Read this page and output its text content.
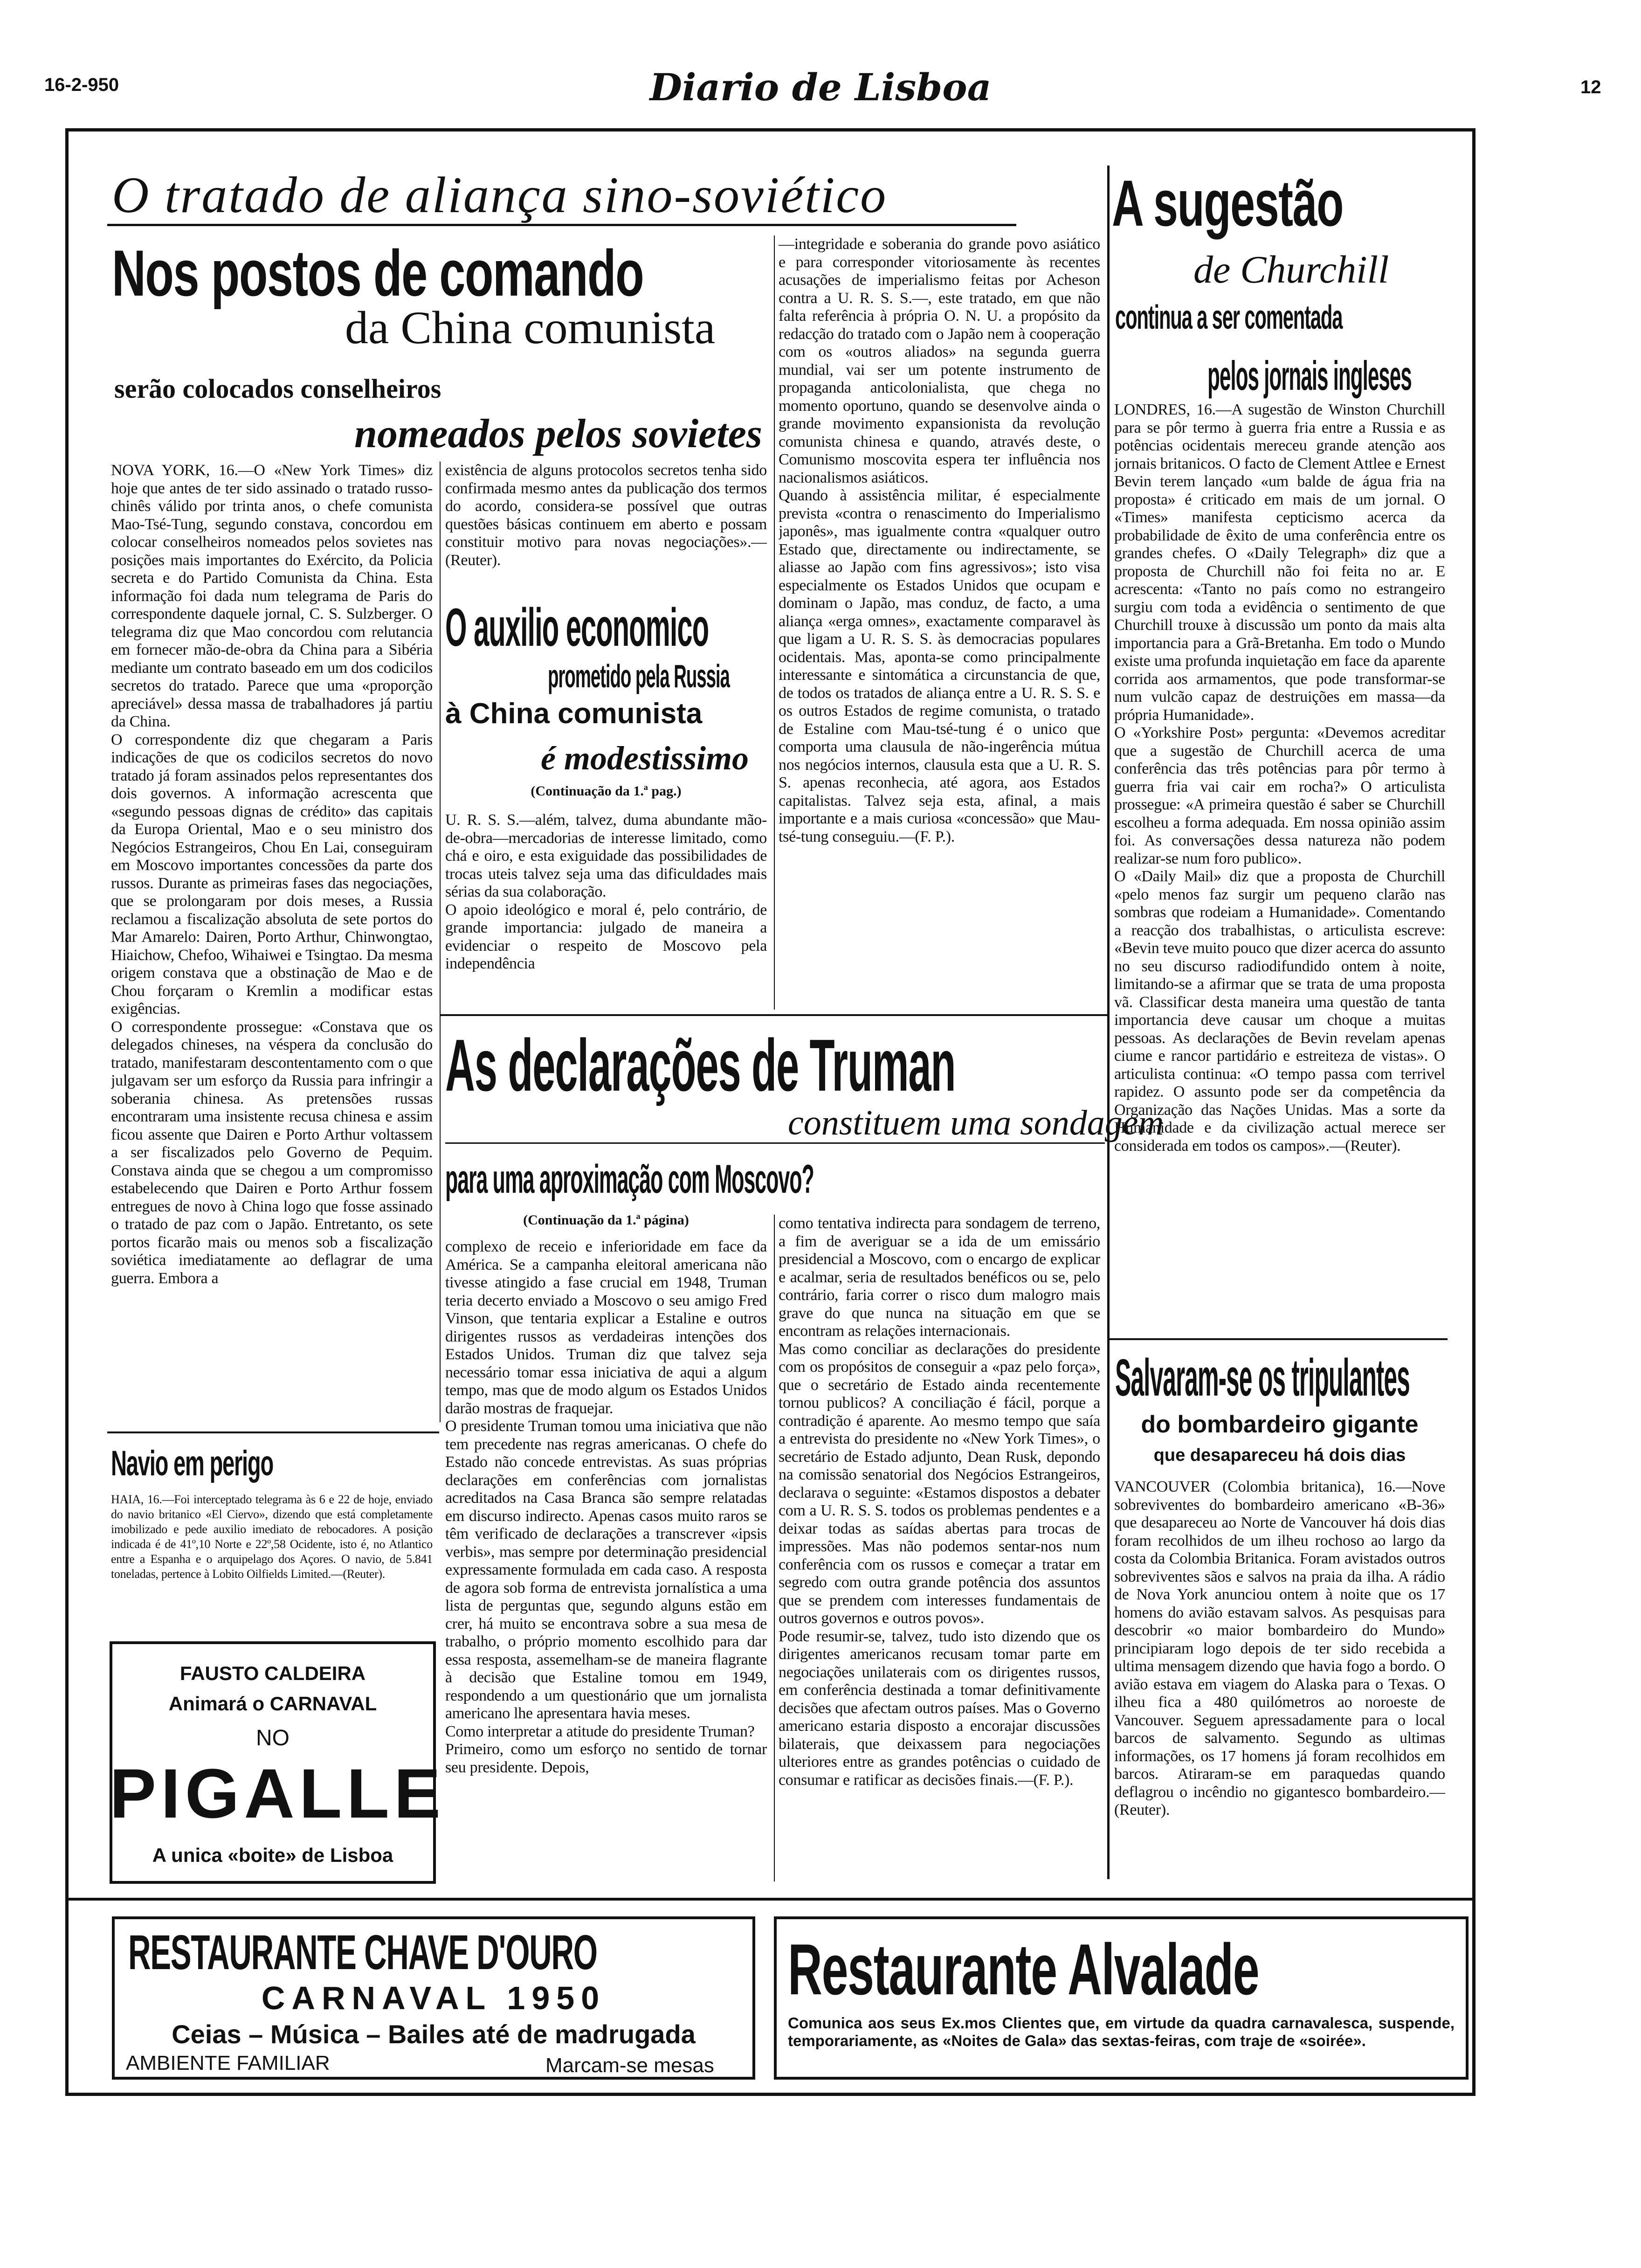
16-2-950	Diario de Lisboa	12
O tratado de aliança sino-soviético
Nos postos de comando
da China comunista
serão colocados conselheiros
nomeados pelos sovietes
NOVA YORK, 16.—O «New York Times» diz hoje que antes de ter sido assinado o tratado russo-chinês válido por trinta anos, o chefe comunista Mao-Tsé-Tung, segundo constava, concordou em colocar conselheiros nomeados pelos sovietes nas posições mais importantes do Exército, da Policia secreta e do Partido Comunista da China. Esta informação foi dada num telegrama de Paris do correspondente daquele jornal, C. S. Sulzberger. O telegrama diz que Mao concordou com relutancia em fornecer mão-de-obra da China para a Sibéria mediante um contrato baseado em um dos codicilos secretos do tratado. Parece que uma «proporção apreciável» dessa massa de trabalhadores já partiu da China.
O correspondente diz que chegaram a Paris indicações de que os codicilos secretos do novo tratado já foram assinados pelos representantes dos dois governos. A informação acrescenta que «segundo pessoas dignas de crédito» das capitais da Europa Oriental, Mao e o seu ministro dos Negócios Estrangeiros, Chou En Lai, conseguiram em Moscovo importantes concessões da parte dos russos. Durante as primeiras fases das negociações, que se prolongaram por dois meses, a Russia reclamou a fiscalização absoluta de sete portos do Mar Amarelo: Dairen, Porto Arthur, Chinwongtao, Hiaichow, Chefoo, Wihaiwei e Tsingtao. Da mesma origem constava que a obstinação de Mao e de Chou forçaram o Kremlin a modificar estas exigências.
O correspondente prossegue: «Constava que os delegados chineses, na véspera da conclusão do tratado, manifestaram descontentamento com o que julgavam ser um esforço da Russia para infringir a soberania chinesa. As pretensões russas encontraram uma insistente recusa chinesa e assim ficou assente que Dairen e Porto Arthur voltassem a ser fiscalizados pelo Governo de Pequim. Constava ainda que se chegou a um compromisso estabelecendo que Dairen e Porto Arthur fossem entregues de novo à China logo que fosse assinado o tratado de paz com o Japão. Entretanto, os sete portos ficarão mais ou menos sob a fiscalização soviética imediatamente ao deflagrar de uma guerra. Embora a
existência de alguns protocolos secretos tenha sido confirmada mesmo antes da publicação dos termos do acordo, considera-se possível que outras questões básicas continuem em aberto e possam constituir motivo para novas negociações».—(Reuter).
—integridade e soberania do grande povo asiático e para corresponder vitoriosamente às recentes acusações de imperialismo feitas por Acheson contra a U. R. S. S.—, este tratado, em que não falta referência à própria O. N. U. a propósito da redacção do tratado com o Japão nem à cooperação com os «outros aliados» na segunda guerra mundial, vai ser um potente instrumento de propaganda anticolonialista, que chega no momento oportuno, quando se desenvolve ainda o grande movimento expansionista da revolução comunista chinesa e quando, através deste, o Comunismo moscovita espera ter influência nos nacionalismos asiáticos.
Quando à assistência militar, é especialmente prevista «contra o renascimento do Imperialismo japonês», mas igualmente contra «qualquer outro Estado que, directamente ou indirectamente, se aliasse ao Japão com fins agressivos»; isto visa especialmente os Estados Unidos que ocupam e dominam o Japão, mas conduz, de facto, a uma aliança «erga omnes», exactamente comparavel às que ligam a U. R. S. S. às democracias populares ocidentais. Mas, aponta-se como principalmente interessante e sintomática a circunstancia de que, de todos os tratados de aliança entre a U. R. S. S. e os outros Estados de regime comunista, o tratado de Estaline com Mau-tsé-tung é o unico que comporta uma clausula de não-ingerência mútua nos negócios internos, clausula esta que a U. R. S. S. apenas reconhecia, até agora, aos Estados capitalistas. Talvez seja esta, afinal, a mais importante e a mais curiosa «concessão» que Mau-tsé-tung conseguiu.—(F. P.).
O auxilio economico
prometido pela Russia
à China comunista
é modestissimo
(Continuação da 1.ª pag.)
U. R. S. S.—além, talvez, duma abundante mão-de-obra—mercadorias de interesse limitado, como chá e oiro, e esta exiguidade das possibilidades de trocas uteis talvez seja uma das dificuldades mais sérias da sua colaboração.
O apoio ideológico e moral é, pelo contrário, de grande importancia: julgado de maneira a evidenciar o respeito de Moscovo pela independência
A sugestão
de Churchill
continua a ser comentada
pelos jornais ingleses
LONDRES, 16.—A sugestão de Winston Churchill para se pôr termo à guerra fria entre a Russia e as potências ocidentais mereceu grande atenção aos jornais britanicos. O facto de Clement Attlee e Ernest Bevin terem lançado «um balde de água fria na proposta» é criticado em mais de um jornal. O «Times» manifesta cepticismo acerca da probabilidade de êxito de uma conferência entre os grandes chefes. O «Daily Telegraph» diz que a proposta de Churchill não foi feita no ar. E acrescenta: «Tanto no país como no estrangeiro surgiu com toda a evidência o sentimento de que Churchill trouxe à discussão um ponto da mais alta importancia para a Grã-Bretanha. Em todo o Mundo existe uma profunda inquietação em face da aparente corrida aos armamentos, que pode transformar-se num vulcão capaz de destruições em massa—da própria Humanidade».
O «Yorkshire Post» pergunta: «Devemos acreditar que a sugestão de Churchill acerca de uma conferência das três potências para pôr termo à guerra fria vai cair em rocha?» O articulista prossegue: «A primeira questão é saber se Churchill escolheu a forma adequada. Em nossa opinião assim foi. As conversações dessa natureza não podem realizar-se num foro publico».
O «Daily Mail» diz que a proposta de Churchill «pelo menos faz surgir um pequeno clarão nas sombras que rodeiam a Humanidade». Comentando a reacção dos trabalhistas, o articulista escreve: «Bevin teve muito pouco que dizer acerca do assunto no seu discurso radiodifundido ontem à noite, limitando-se a afirmar que se trata de uma proposta vã. Classificar desta maneira uma questão de tanta importancia deve causar um choque a muitas pessoas. As declarações de Bevin revelam apenas ciume e rancor partidário e estreiteza de vistas». O articulista continua: «O tempo passa com terrivel rapidez. O assunto pode ser da competência da Organização das Nações Unidas. Mas a sorte da Humanidade e da civilização actual merece ser considerada em todos os campos».—(Reuter).
Salvaram-se os tripulantes
do bombardeiro gigante
que desapareceu há dois dias
VANCOUVER (Colombia britanica), 16.—Nove sobreviventes do bombardeiro americano «B-36» que desapareceu ao Norte de Vancouver há dois dias foram recolhidos de um ilheu rochoso ao largo da costa da Colombia Britanica. Foram avistados outros sobreviventes sãos e salvos na praia da ilha. A rádio de Nova York anunciou ontem à noite que os 17 homens do avião estavam salvos. As pesquisas para descobrir «o maior bombardeiro do Mundo» principiaram logo depois de ter sido recebida a ultima mensagem dizendo que havia fogo a bordo. O avião estava em viagem do Alaska para o Texas. O ilheu fica a 480 quilómetros ao noroeste de Vancouver. Seguem apressadamente para o local barcos de salvamento. Segundo as ultimas informações, os 17 homens já foram recolhidos em barcos. Atiraram-se em paraquedas quando deflagrou o incêndio no gigantesco bombardeiro.—(Reuter).
As declarações de Truman
constituem uma sondagem
para uma aproximação com Moscovo?
(Continuação da 1.ª página)
complexo de receio e inferioridade em face da América. Se a campanha eleitoral americana não tivesse atingido a fase crucial em 1948, Truman teria decerto enviado a Moscovo o seu amigo Fred Vinson, que tentaria explicar a Estaline e outros dirigentes russos as verdadeiras intenções dos Estados Unidos. Truman diz que talvez seja necessário tomar essa iniciativa de aqui a algum tempo, mas que de modo algum os Estados Unidos darão mostras de fraquejar.
O presidente Truman tomou uma iniciativa que não tem precedente nas regras americanas. O chefe do Estado não concede entrevistas. As suas próprias declarações em conferências com jornalistas acreditados na Casa Branca são sempre relatadas em discurso indirecto. Apenas casos muito raros se têm verificado de declarações a transcrever «ipsis verbis», mas sempre por determinação presidencial expressamente formulada em cada caso. A resposta de agora sob forma de entrevista jornalística a uma lista de perguntas que, segundo alguns estão em crer, há muito se encontrava sobre a sua mesa de trabalho, o próprio momento escolhido para dar essa resposta, assemelham-se de maneira flagrante à decisão que Estaline tomou em 1949, respondendo a um questionário que um jornalista americano lhe apresentara havia meses.
Como interpretar a atitude do presidente Truman?
Primeiro, como um esforço no sentido de tornar seu presidente. Depois,
como tentativa indirecta para sondagem de terreno, a fim de averiguar se a ida de um emissário presidencial a Moscovo, com o encargo de explicar e acalmar, seria de resultados benéficos ou se, pelo contrário, faria correr o risco dum malogro mais grave do que nunca na situação em que se encontram as relações internacionais.
Mas como conciliar as declarações do presidente com os propósitos de conseguir a «paz pelo força», que o secretário de Estado ainda recentemente tornou publicos? A conciliação é fácil, porque a contradição é aparente. Ao mesmo tempo que saía a entrevista do presidente no «New York Times», o secretário de Estado adjunto, Dean Rusk, depondo na comissão senatorial dos Negócios Estrangeiros, declarava o seguinte: «Estamos dispostos a debater com a U. R. S. S. todos os problemas pendentes e a deixar todas as saídas abertas para trocas de impressões. Mas não podemos sentar-nos num conferência com os russos e começar a tratar em segredo com outra grande potência dos assuntos que se prendem com interesses fundamentais de outros governos e outros povos».
Pode resumir-se, talvez, tudo isto dizendo que os dirigentes americanos recusam tomar parte em negociações unilaterais com os dirigentes russos, em conferência destinada a tomar definitivamente decisões que afectam outros países. Mas o Governo americano estaria disposto a encorajar discussões bilaterais, que deixassem para negociações ulteriores entre as grandes potências o cuidado de consumar e ratificar as decisões finais.—(F. P.).
Navio em perigo
HAIA, 16.—Foi interceptado telegrama às 6 e 22 de hoje, enviado do navio britanico «El Ciervo», dizendo que está completamente imobilizado e pede auxilio imediato de rebocadores. A posição indicada é de 41º,10 Norte e 22º,58 Ocidente, isto é, no Atlantico entre a Espanha e o arquipelago dos Açores. O navio, de 5.841 toneladas, pertence à Lobito Oilfields Limited.—(Reuter).
FAUSTO CALDEIRA
Animará o CARNAVAL
NO
PIGALLE
A unica «boite» de Lisboa
RESTAURANTE CHAVE D'OURO
CARNAVAL 1950
Ceias – Música – Bailes até de madrugada
AMBIENTE FAMILIAR	Marcam-se mesas
Restaurante Alvalade
Comunica aos seus Ex.mos Clientes que, em virtude da quadra carnavalesca, suspende, temporariamente, as «Noites de Gala» das sextas-feiras, com traje de «soirée».
